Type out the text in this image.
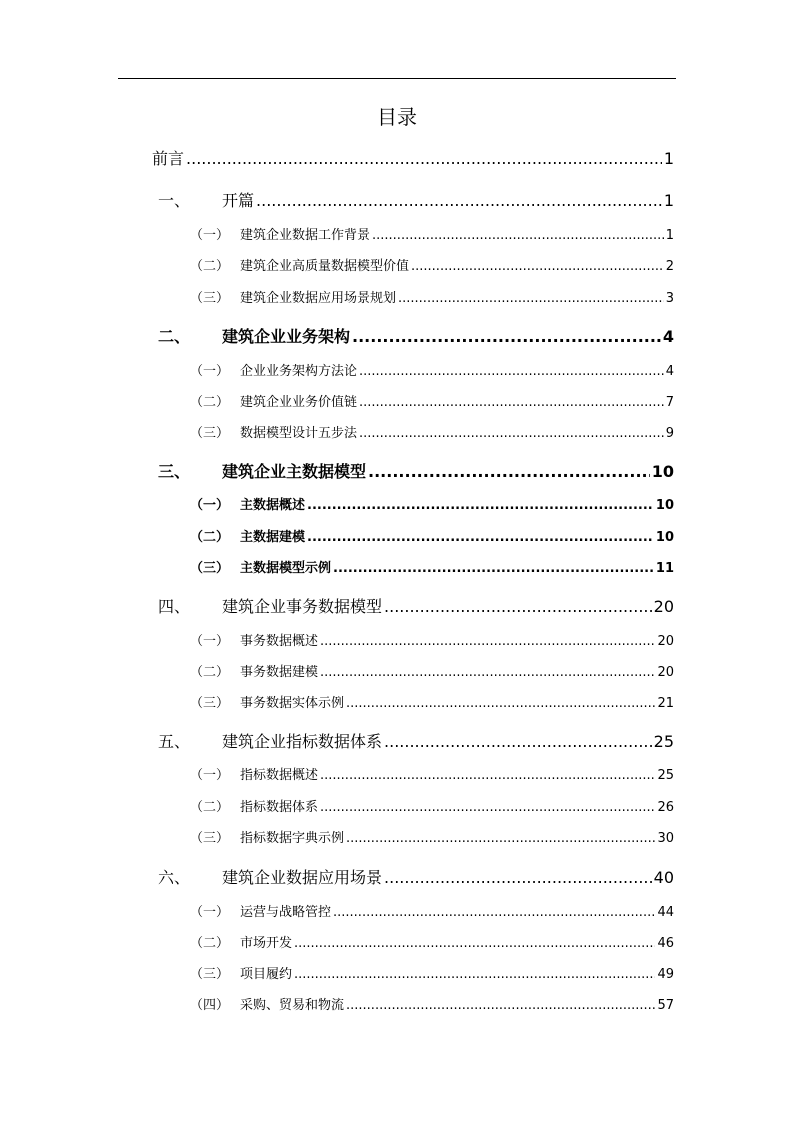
目录
前言 .....	1
一、	开篇 .....	1
（一） 建筑企业数据工作背景 .....	1
（二） 建筑企业高质量数据模型价值 .....	2
（三） 建筑企业数据应用场景规划 .....	3
二、	建筑企业业务架构 .....	4
（一） 企业业务架构方法论 .....	4
（二） 建筑企业业务价值链 .....	7
（三） 数据模型设计五步法 .....	9
三、	建筑企业主数据模型 .....	10
（一） 主数据概述 .....	10
（二） 主数据建模 .....	10
（三） 主数据模型示例 .....	11
四、	建筑企业事务数据模型 .....	20
（一） 事务数据概述 .....	20
（二） 事务数据建模 .....	20
（三） 事务数据实体示例 .....	21
五、	建筑企业指标数据体系 .....	25
（一） 指标数据概述 .....	25
（二） 指标数据体系 .....	26
（三） 指标数据字典示例 .....	30
六、	建筑企业数据应用场景 .....	40
（一） 运营与战略管控 .....	44
（二） 市场开发 .....	46
（三） 项目履约 .....	49
（四） 采购、贸易和物流 .....	57
